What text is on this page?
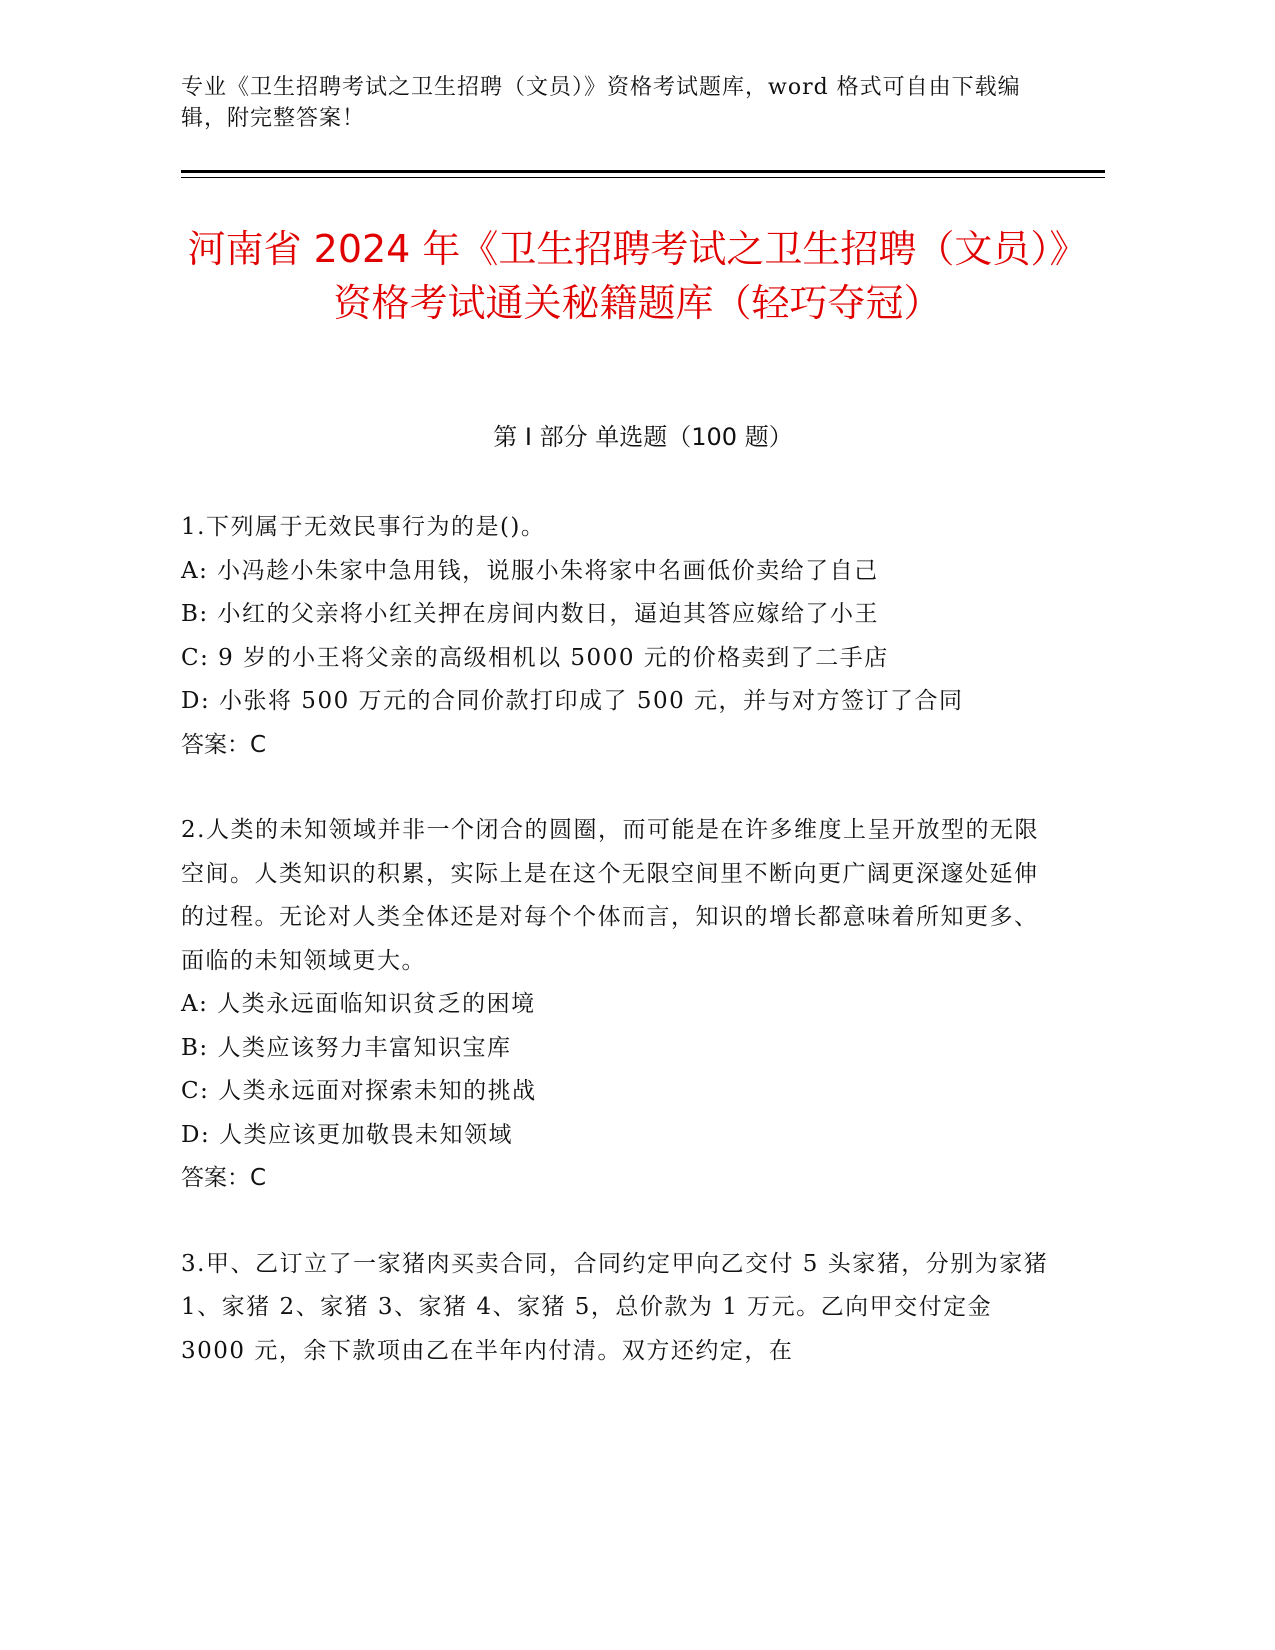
专业《卫生招聘考试之卫生招聘（文员）》资格考试题库，word 格式可自由下载编辑，附完整答案！
河南省 2024 年《卫生招聘考试之卫生招聘（文员）》资格考试通关秘籍题库（轻巧夺冠）
第 I 部分 单选题（100 题）

1.下列属于无效民事行为的是()。

A: 小冯趁小朱家中急用钱，说服小朱将家中名画低价卖给了自己

B: 小红的父亲将小红关押在房间内数日，逼迫其答应嫁给了小王

C: 9 岁的小王将父亲的高级相机以 5000 元的价格卖到了二手店

D: 小张将 500 万元的合同价款打印成了 500 元，并与对方签订了合同

答案：C

2.人类的未知领域并非一个闭合的圆圈，而可能是在许多维度上呈开放型的无限空间。人类知识的积累，实际上是在这个无限空间里不断向更广阔更深邃处延伸的过程。无论对人类全体还是对每个个体而言，知识的增长都意味着所知更多、面临的未知领域更大。

A: 人类永远面临知识贫乏的困境

B: 人类应该努力丰富知识宝库

C: 人类永远面对探索未知的挑战

D: 人类应该更加敬畏未知领域

答案：C

3.甲、乙订立了一家猪肉买卖合同，合同约定甲向乙交付 5 头家猪，分别为家猪 1、家猪 2、家猪 3、家猪 4、家猪 5，总价款为 1 万元。乙向甲交付定金 3000 元，余下款项由乙在半年内付清。双方还约定，在
